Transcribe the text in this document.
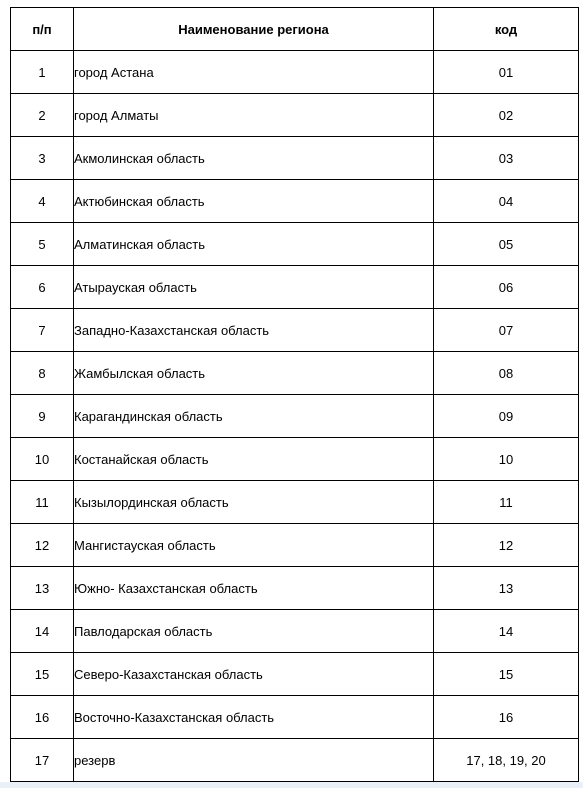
п/п	Наименование региона	код
1	город Астана	01
2	город Алматы	02
3	Акмолинская область	03
4	Актюбинская область	04
5	Алматинская область	05
6	Атырауская область	06
7	Западно-Казахстанская область	07
8	Жамбылская область	08
9	Карагандинская область	09
10	Костанайская область	10
11	Кызылординская область	11
12	Мангистауская область	12
13	Южно- Казахстанская область	13
14	Павлодарская область	14
15	Северо-Казахстанская область	15
16	Восточно-Казахстанская область	16
17	резерв	17, 18, 19, 20
